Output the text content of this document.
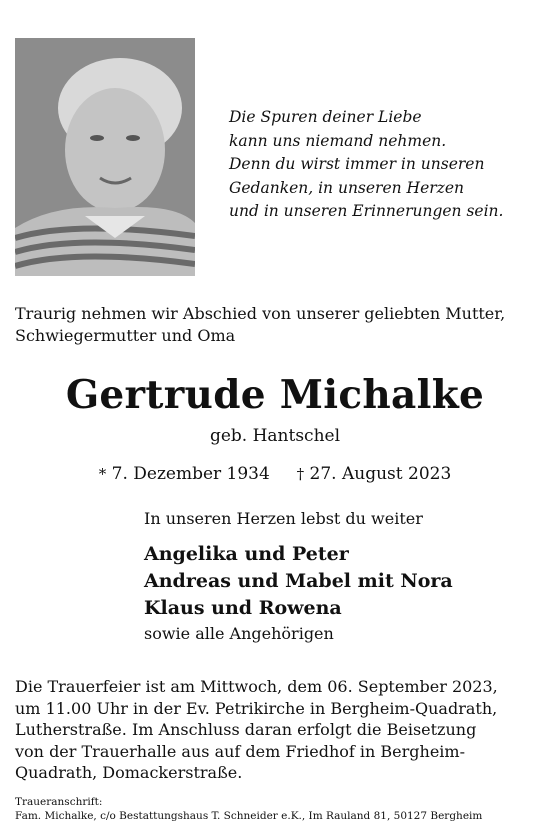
Die Spuren deiner Liebe
kann uns niemand nehmen.
Denn du wirst immer in unseren
Gedanken, in unseren Herzen
und in unseren Erinnerungen sein.
Traurig nehmen wir Abschied von unserer geliebten Mutter,
Schwiegermutter und Oma
Gertrude Michalke
geb. Hantschel
* 7. Dezember 1934 † 27. August 2023
In unseren Herzen lebst du weiter
Angelika und Peter
Andreas und Mabel mit Nora
Klaus und Rowena
sowie alle Angehörigen
Die Trauerfeier ist am Mittwoch, dem 06. September 2023,
um 11.00 Uhr in der Ev. Petrikirche in Bergheim-Quadrath,
Lutherstraße. Im Anschluss daran erfolgt die Beisetzung
von der Trauerhalle aus auf dem Friedhof in Bergheim-
Quadrath, Domackerstraße.
Traueranschrift:
Fam. Michalke, c/o Bestattungshaus T. Schneider e.K., Im Rauland 81, 50127 Bergheim
